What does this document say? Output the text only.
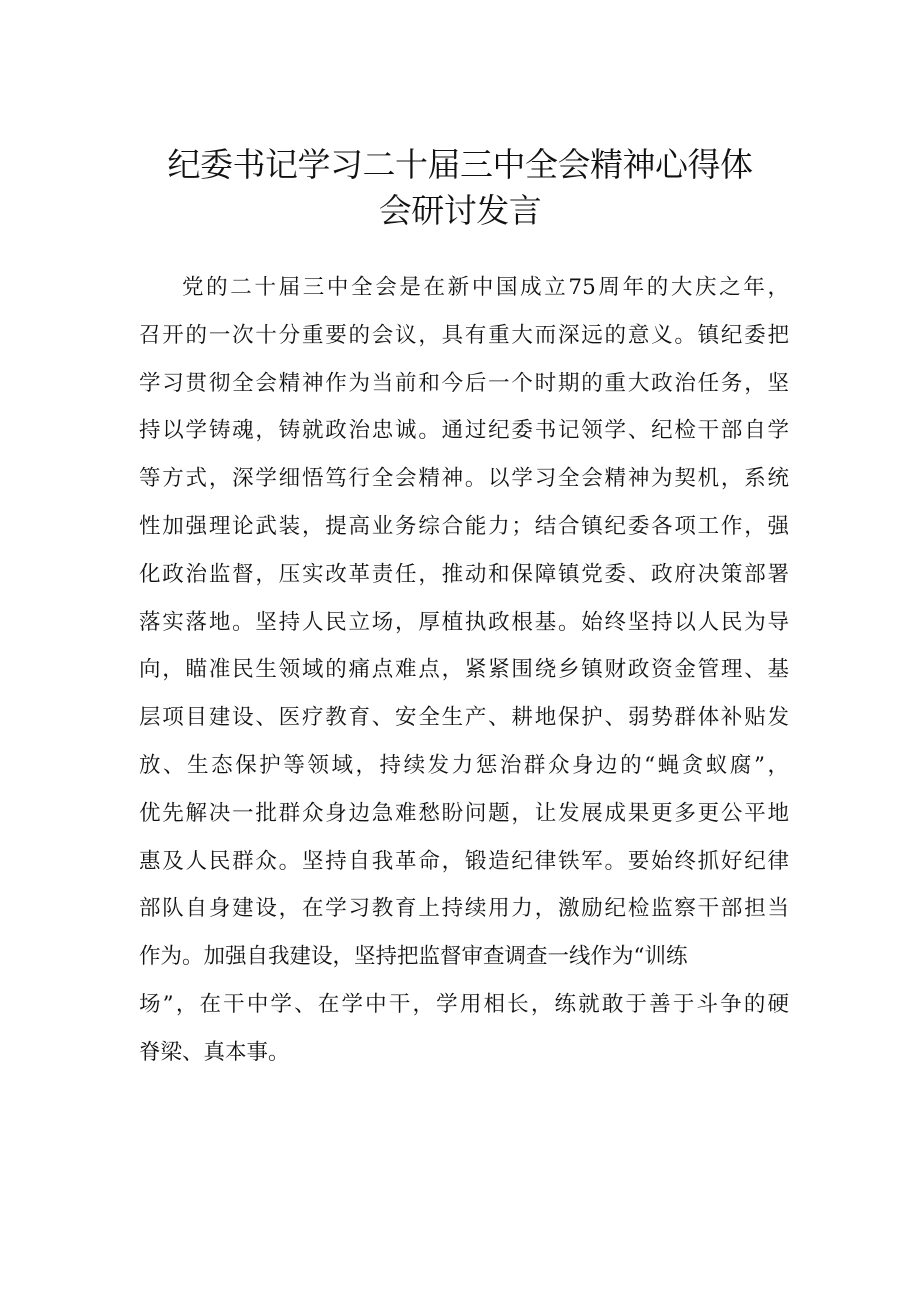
纪委书记学习二十届三中全会精神心得体
会研讨发言
党的二十届三中全会是在新中国成立75周年的大庆之年，
召开的一次十分重要的会议，具有重大而深远的意义。镇纪委把
学习贯彻全会精神作为当前和今后一个时期的重大政治任务，坚
持以学铸魂，铸就政治忠诚。通过纪委书记领学、纪检干部自学
等方式，深学细悟笃行全会精神。以学习全会精神为契机，系统
性加强理论武装，提高业务综合能力；结合镇纪委各项工作，强
化政治监督，压实改革责任，推动和保障镇党委、政府决策部署
落实落地。坚持人民立场，厚植执政根基。始终坚持以人民为导
向，瞄准民生领域的痛点难点，紧紧围绕乡镇财政资金管理、基
层项目建设、医疗教育、安全生产、耕地保护、弱势群体补贴发
放、生态保护等领域，持续发力惩治群众身边的“蝇贪蚁腐”，
优先解决一批群众身边急难愁盼问题，让发展成果更多更公平地
惠及人民群众。坚持自我革命，锻造纪律铁军。要始终抓好纪律
部队自身建设，在学习教育上持续用力，激励纪检监察干部担当
作为。加强自我建设，坚持把监督审查调查一线作为“训练
场”，在干中学、在学中干，学用相长，练就敢于善于斗争的硬
脊梁、真本事。
